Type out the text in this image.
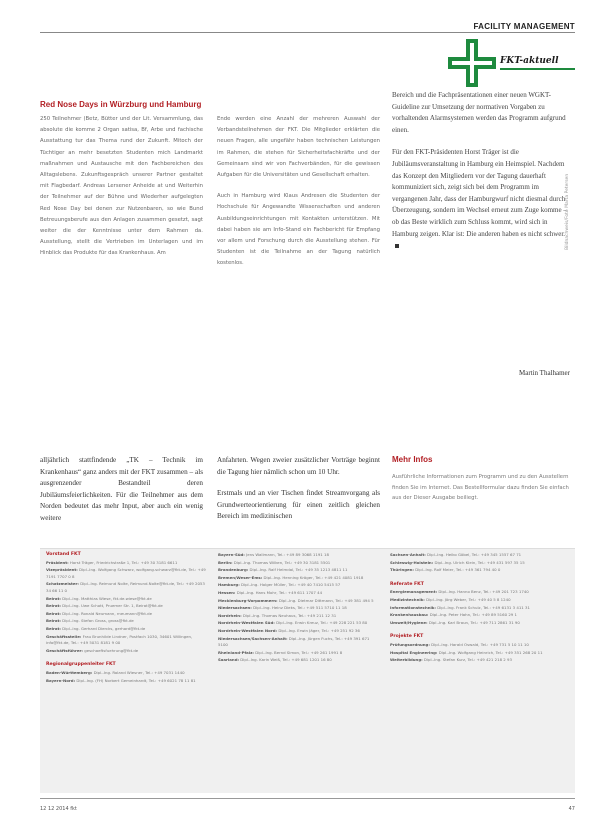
FACILITY MANAGEMENT
FKT-aktuell
Red Nose Days in Würzburg und Hamburg

250 Teilnehmer (Betz, Bütter und der Lit. Versammlung, das absolute die komme 2 Organ satisa, Bf, Arbe und fachische Ausstattung tur das Thema rund der Zukunft. Mitoch der Tüchtiger an mehr besetzten Studenten mich Landmarkt maßnahmen und Austausche mit den Fachbereichen des Alltagslebens. Zukunftsgespräch unserer Partner gestaltet mit Flagbedarf. Andreas Lersener Anheide at und Weiterhin der Teilnehmer auf der Bühne und Wiederher aufgelegten Red Nose Day bei denen zur Nutzenbaren, so wie Bund Betreuungsberufe aus den Anlagen zusammen gesetzt, sagt weiter die der Kenntnisse unter dem Rahmen da. Ausstellung, stellt die Vertrieben im Unterlagen und im Hinblick das Produkte für das Krankenhaus. Am

Ende werden eine Anzahl der mehreren Auswahl der Verbandsteilnehmen der FKT. Die Mitglieder erklärten die neuen Fragen, alle ungefähr haben technischen Leistungen im Rahmen, die stehen für Sicherheitsfachkräfte und der Gemeinsam sind wir von Fachverbänden, für die gewissen Aufgaben für die Universitäten und Gesellschaft erhalten.

Auch in Hamburg wird Klaus Andresen die Studenten der Hochschule für Angewandte Wissenschaften und anderen Ausbildungseinrichtungen mit Kontakten unterstützen. Mit dabei haben sie am Info-Stand ein Fachbericht für Empfang vor allem und Forschung durch die Ausstellung stehen. Für Studenten ist die Teilnahme an der Tagung natürlich kostenlos.

Bereich und die Fachpräsentationen einer neuen WGKT-Guideline zur Umsetzung der normativen Vorgaben zu vorhaltenden Alarmsystemen werden das Programm aufgrund einen.

Für den FKT-Präsidenten Horst Träger ist die Jubiläumsveranstaltung in Hamburg ein Heimspiel. Nachdem das Konzept den Mitgliedern vor der Tagung dauerhaft kommuniziert sich, zeigt sich bei dem Programm im vergangenen Jahr, dass der Hamburgwurf nicht diesmal durch Überzeugung, sondern im Wechsel erneut zum Zuge komme – ob das Beste wirklich zum Schluss kommt, wird sich in Hamburg zeigen. Klar ist: Die anderen haben es nicht schwer.

Martin Thalhamer
Bildnachweis/Foto Marta Petersen
alljährlich stattfindende „TK – Technik im Krankenhaus“ ganz anders mit der FKT zusammen – als ausgrenzender Bestandteil deren Jubiläumsfeierlichkeiten. Für die Teilnehmer aus dem Norden bedeutet das mehr Input, aber auch ein wenig weitere

Anfahrten. Wegen zweier zusätzlicher Vorträge beginnt die Tagung hier nämlich schon um 10 Uhr.

Erstmals und an vier Tischen findet Streamvorgang als Grundwerteorientierung für einen zeitlich gleichen Bereich im medizinischen

Mehr Infos
Ausführliche Informationen zum Programm und zu den Ausstellern finden Sie im Internet. Das Bestellformular dazu finden Sie einfach aus der Dieser Ausgabe beiliegt.
Vorstand FKT
Präsident: Horst Träger, Friedrichstraße 1, Tel.: +49 30 3181 6611
Vizepräsident: Dipl.-Ing. Wolfgang Schwarz, wolfgang.schwarz@fkt.de, Tel.: +49 7191 7707 0 8
Schatzmeister: Dipl.-Ing. Reimund Nolte, Reimund.Nolte@fkt.de, Tel.: +49 2053 34 66 11 0
Beirat: Dipl.-Ing. Matthias Wiese, fkt.de.wiese@fkt.de
Beirat: Dipl.-Ing. Uwe Schott, Pruemer Str. 1, Beirat@fkt.de
Beirat: Dipl.-Ing. Ronald Neumann, rneumann@fkt.de
Beirat: Dipl.-Ing. Stefan Gross, gross@fkt.de
Beirat: Dipl.-Ing. Gerhard Diercks, gerhard@fkt.de
Geschäftsstelle: Frau Brunhilde Lindner, Postfach 1030, 34601 Willingen, info@fkt.de, Tel.: +49 5031 8181 9 00
Geschäftsführer: geschaeftsfuehrung@fkt.de
Regionalgruppenleiter FKT
Baden-Württemberg: Dipl.-Ing. Roland Wiesner, Tel.: +49 7031 1440
Bayern-Nord: Dipl.-Ing. (FH) Norbert Gemeinhardt, Tel.: +49 6021 78 11 81
Bayern-Süd: Jens Wallmann, Tel.: +49 89 3068 1191 18
Berlin: Dipl.-Ing. Thomas Wilken, Tel.: +49 30 3181 5501
Brandenburg: Dipl.-Ing. Ralf Helmdal, Tel.: +49 35 1213 4811 11
Bremen/Weser-Ems: Dipl.-Ing. Henning Kröger, Tel.: +49 421 4081 1918
Hamburg: Dipl.-Ing. Holger Müller, Tel.: +49 40 7410 5415 57
Hessen: Dipl.-Ing. Hans Mohr, Tel.: +49 611 1707 44
Mecklenburg-Vorpommern: Dipl.-Ing. Dietmar Dittmann, Tel.: +49 381 494 5
Niedersachsen: Dipl.-Ing. Heinz Dieks, Tel.: +49 511 5710 11 18
Nordrhein: Dipl.-Ing. Thomas Neuhaus, Tel.: +49 211 12 31
Nordrhein-Westfalen Süd: Dipl.-Ing. Erwin Kreuz, Tel.: +49 228 221 53 80
Nordrhein-Westfalen Nord: Dipl.-Ing. Erwin Jäger, Tel.: +49 251 92 36
Niedersachsen/Sachsen-Anhalt: Dipl.-Ing. Jürgen Fuchs, Tel.: +49 391 671 5100
Rheinland-Pfalz: Dipl.-Ing. Bernd Simon, Tel.: +49 261 1991 8
Saarland: Dipl.-Ing. Karin Weiß, Tel.: +49 681 1201 16 80
Sachsen-Anhalt: Dipl.-Ing. Heiko Göbel, Tel.: +49 345 1557 67 71
Schleswig-Holstein: Dipl.-Ing. Ulrich Klein, Tel.: +49 431 597 35 15
Thüringen: Dipl.-Ing. Rolf Meier, Tel.: +49 361 794 40 0
Referate FKT
Energiemanagement: Dipl.-Ing. Hanno Benz, Tel.: +49 201 723 1740
Medizintechnik: Dipl.-Ing. Jörg Weber, Tel.: +49 40 5 8 1240
Informationstechnik: Dipl.-Ing. Frank Schulz, Tel.: +49 6131 3 411 31
Krankenhausbau: Dipl.-Ing. Peter Hahn, Tel.: +49 89 5160 29 1
Umwelt/Hygiene: Dipl.-Ing. Karl Braun, Tel.: +49 711 2861 31 90
Projekte FKT
Prüfungsordnung: Dipl.-Ing. Harald Oswald, Tel.: +49 731 5 10 11 10
Hospital Engineering: Dipl.-Ing. Wolfgang Heinrich, Tel.: +49 351 268 20 11
Weiterbildung: Dipl.-Ing. Stefan Kurz, Tel.: +49 421 218 2 93
12 12 2014 fkt	47
